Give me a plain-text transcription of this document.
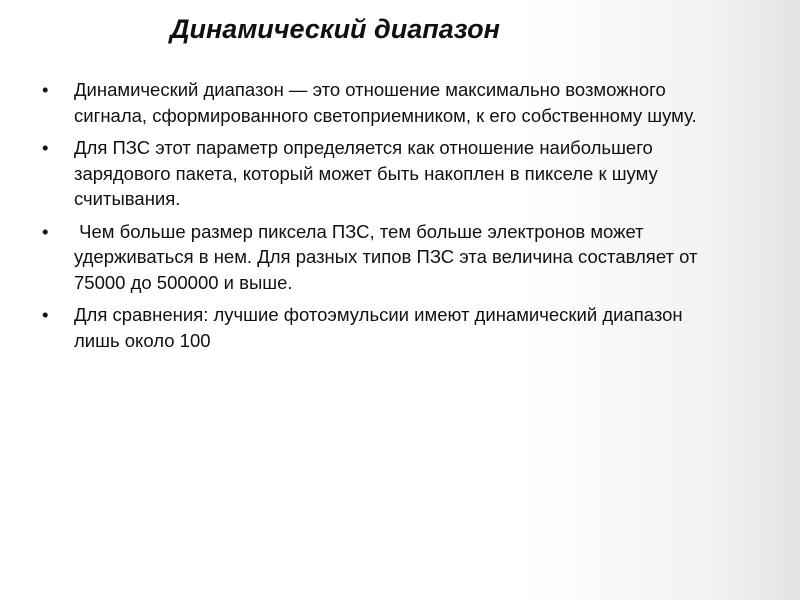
Динамический диапазон
•	Динамический диапазон — это отношение максимально возможного сигнала, сформированного светоприемником, к его собственному шуму.
•	Для ПЗС этот параметр определяется как отношение наибольшего зарядового пакета, который может быть накоплен в пикселе к шуму считывания.
•	Чем больше размер пиксела ПЗС, тем больше электронов может удерживаться в нем. Для разных типов ПЗС эта величина составляет от 75000 до 500000 и выше.
•	Для сравнения: лучшие фотоэмульсии имеют динамический диапазон лишь около 100
